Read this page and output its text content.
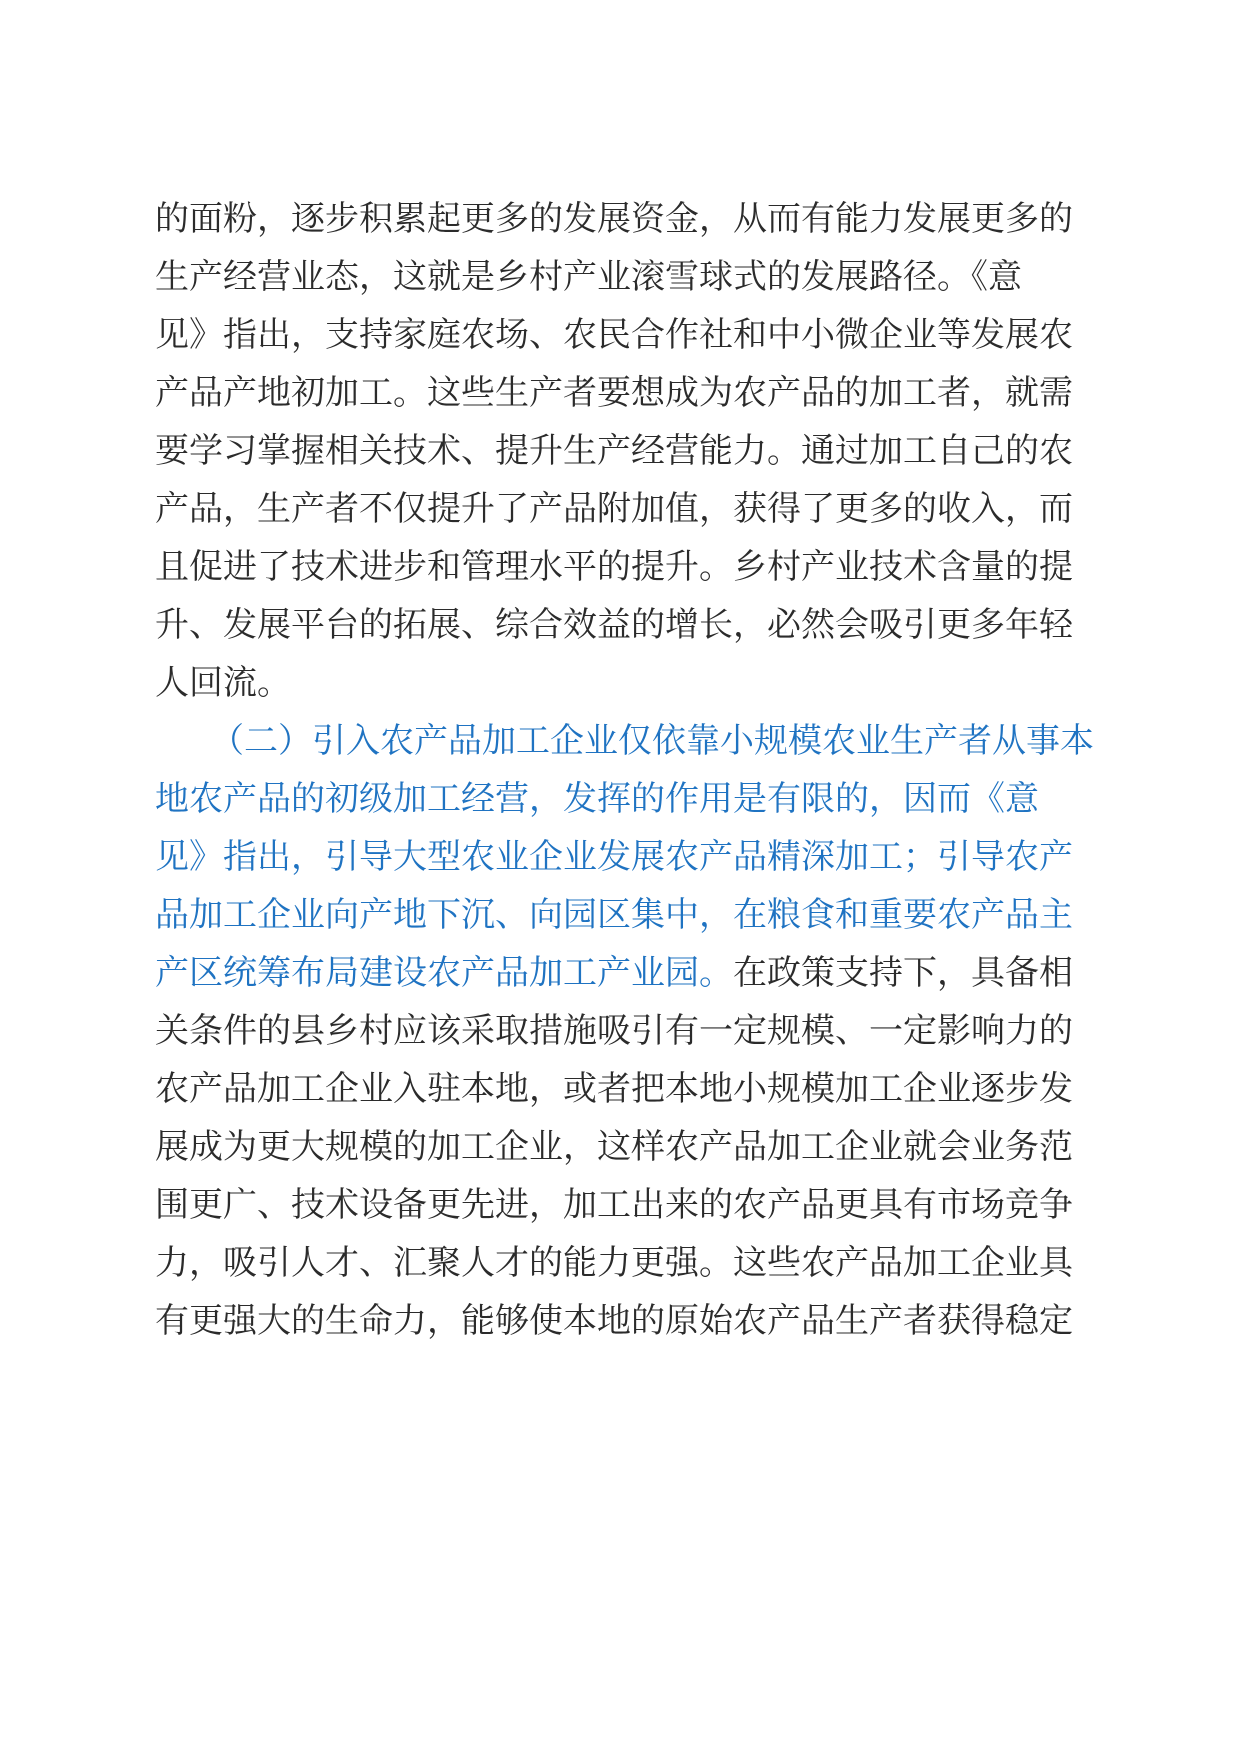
的面粉，逐步积累起更多的发展资金，从而有能力发展更多的
生产经营业态，这就是乡村产业滚雪球式的发展路径。《意
见》指出，支持家庭农场、农民合作社和中小微企业等发展农
产品产地初加工。这些生产者要想成为农产品的加工者，就需
要学习掌握相关技术、提升生产经营能力。通过加工自己的农
产品，生产者不仅提升了产品附加值，获得了更多的收入，而
且促进了技术进步和管理水平的提升。乡村产业技术含量的提
升、发展平台的拓展、综合效益的增长，必然会吸引更多年轻
人回流。
（二）引入农产品加工企业仅依靠小规模农业生产者从事本
地农产品的初级加工经营，发挥的作用是有限的，因而《意
见》指出，引导大型农业企业发展农产品精深加工；引导农产
品加工企业向产地下沉、向园区集中，在粮食和重要农产品主
产区统筹布局建设农产品加工产业园。在政策支持下，具备相
关条件的县乡村应该采取措施吸引有一定规模、一定影响力的
农产品加工企业入驻本地，或者把本地小规模加工企业逐步发
展成为更大规模的加工企业，这样农产品加工企业就会业务范
围更广、技术设备更先进，加工出来的农产品更具有市场竞争
力，吸引人才、汇聚人才的能力更强。这些农产品加工企业具
有更强大的生命力，能够使本地的原始农产品生产者获得稳定
